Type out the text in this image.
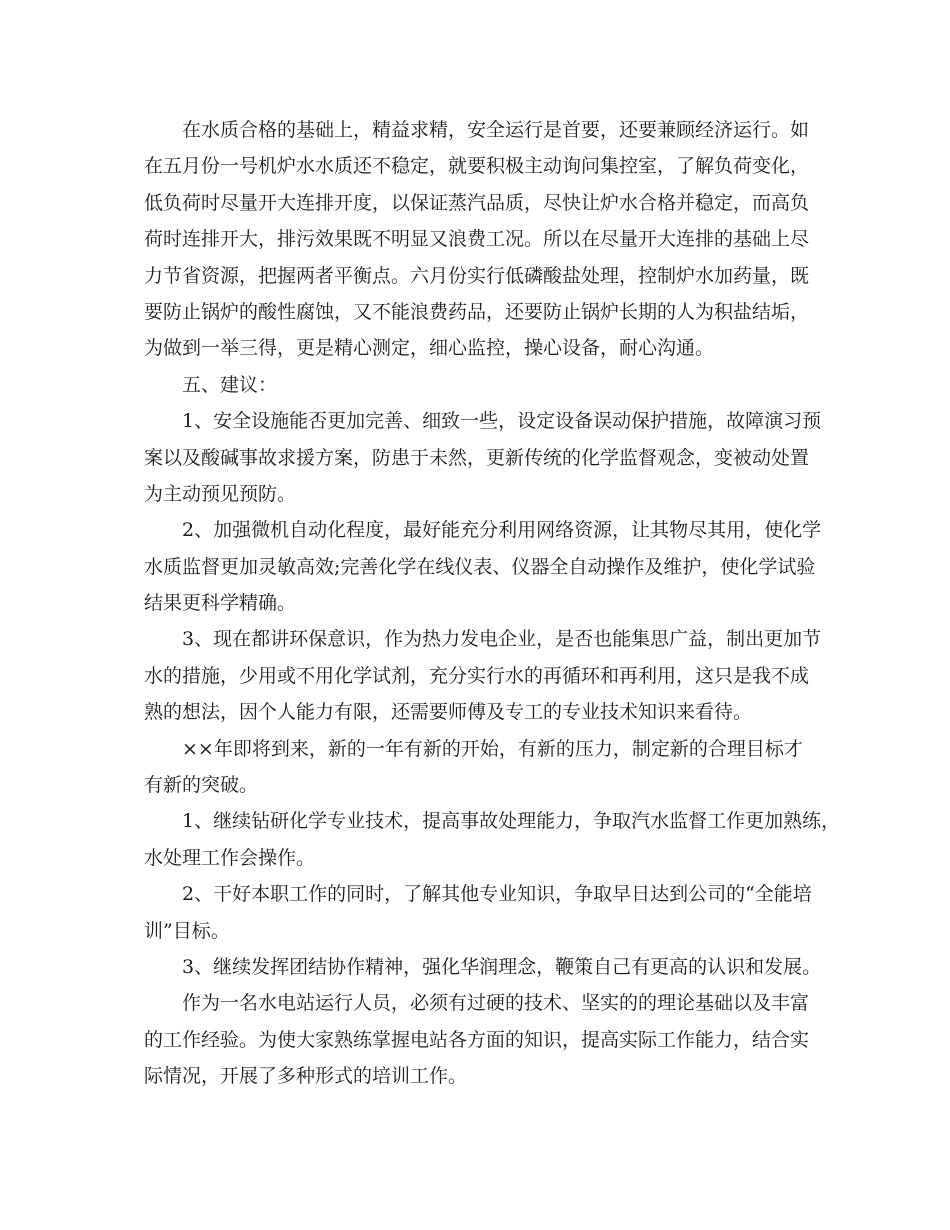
在水质合格的基础上，精益求精，安全运行是首要，还要兼顾经济运行。如
在五月份一号机炉水水质还不稳定，就要积极主动询问集控室，了解负荷变化，
低负荷时尽量开大连排开度，以保证蒸汽品质，尽快让炉水合格并稳定，而高负
荷时连排开大，排污效果既不明显又浪费工况。所以在尽量开大连排的基础上尽
力节省资源，把握两者平衡点。六月份实行低磷酸盐处理，控制炉水加药量，既
要防止锅炉的酸性腐蚀，又不能浪费药品，还要防止锅炉长期的人为积盐结垢，
为做到一举三得，更是精心测定，细心监控，操心设备，耐心沟通。
五、建议：
1、安全设施能否更加完善、细致一些，设定设备误动保护措施，故障演习预
案以及酸碱事故求援方案，防患于未然，更新传统的化学监督观念，变被动处置
为主动预见预防。
2、加强微机自动化程度，最好能充分利用网络资源，让其物尽其用，使化学
水质监督更加灵敏高效;完善化学在线仪表、仪器全自动操作及维护，使化学试验
结果更科学精确。
3、现在都讲环保意识，作为热力发电企业，是否也能集思广益，制出更加节
水的措施，少用或不用化学试剂，充分实行水的再循环和再利用，这只是我不成
熟的想法，因个人能力有限，还需要师傅及专工的专业技术知识来看待。
××年即将到来，新的一年有新的开始，有新的压力，制定新的合理目标才
有新的突破。
1、继续钻研化学专业技术，提高事故处理能力，争取汽水监督工作更加熟练，
水处理工作会操作。
2、干好本职工作的同时，了解其他专业知识，争取早日达到公司的“全能培
训”目标。
3、继续发挥团结协作精神，强化华润理念，鞭策自己有更高的认识和发展。
作为一名水电站运行人员，必须有过硬的技术、坚实的的理论基础以及丰富
的工作经验。为使大家熟练掌握电站各方面的知识，提高实际工作能力，结合实
际情况，开展了多种形式的培训工作。
